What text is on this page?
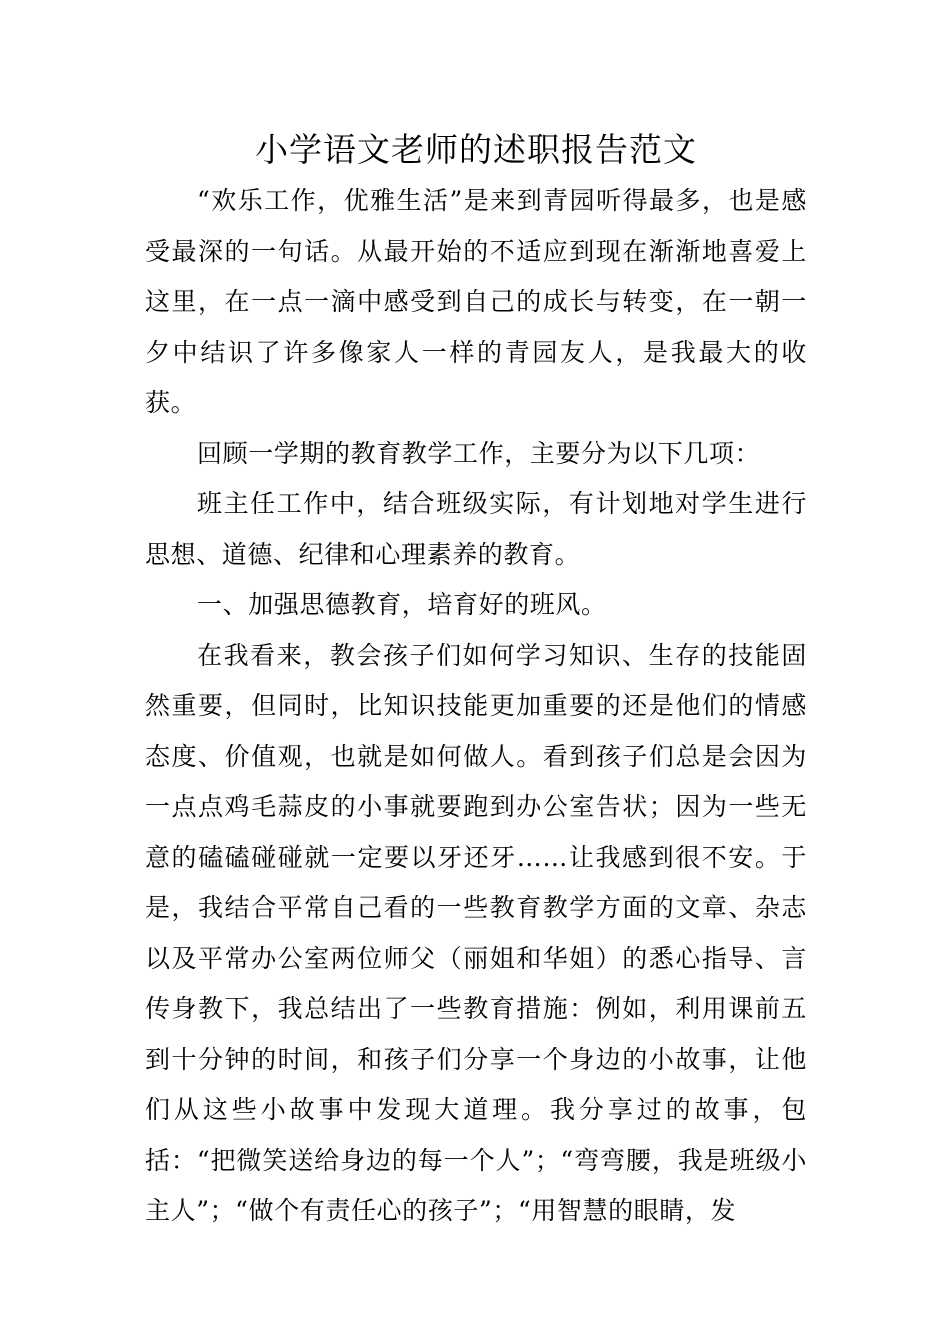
小学语文老师的述职报告范文

“欢乐工作，优雅生活”是来到青园听得最多，也是感受最深的一句话。从最开始的不适应到现在渐渐地喜爱上这里，在一点一滴中感受到自己的成长与转变，在一朝一夕中结识了许多像家人一样的青园友人，是我最大的收获。

回顾一学期的教育教学工作，主要分为以下几项：

班主任工作中，结合班级实际，有计划地对学生进行思想、道德、纪律和心理素养的教育。

一、加强思德教育，培育好的班风。

在我看来，教会孩子们如何学习知识、生存的技能固然重要，但同时，比知识技能更加重要的还是他们的情感态度、价值观，也就是如何做人。看到孩子们总是会因为一点点鸡毛蒜皮的小事就要跑到办公室告状；因为一些无意的磕磕碰碰就一定要以牙还牙……让我感到很不安。于是，我结合平常自己看的一些教育教学方面的文章、杂志以及平常办公室两位师父（丽姐和华姐）的悉心指导、言传身教下，我总结出了一些教育措施：例如，利用课前五到十分钟的时间，和孩子们分享一个身边的小故事，让他们从这些小故事中发现大道理。我分享过的故事，包括：“把微笑送给身边的每一个人”；“弯弯腰，我是班级小主人”；“做个有责任心的孩子”；“用智慧的眼睛，发
